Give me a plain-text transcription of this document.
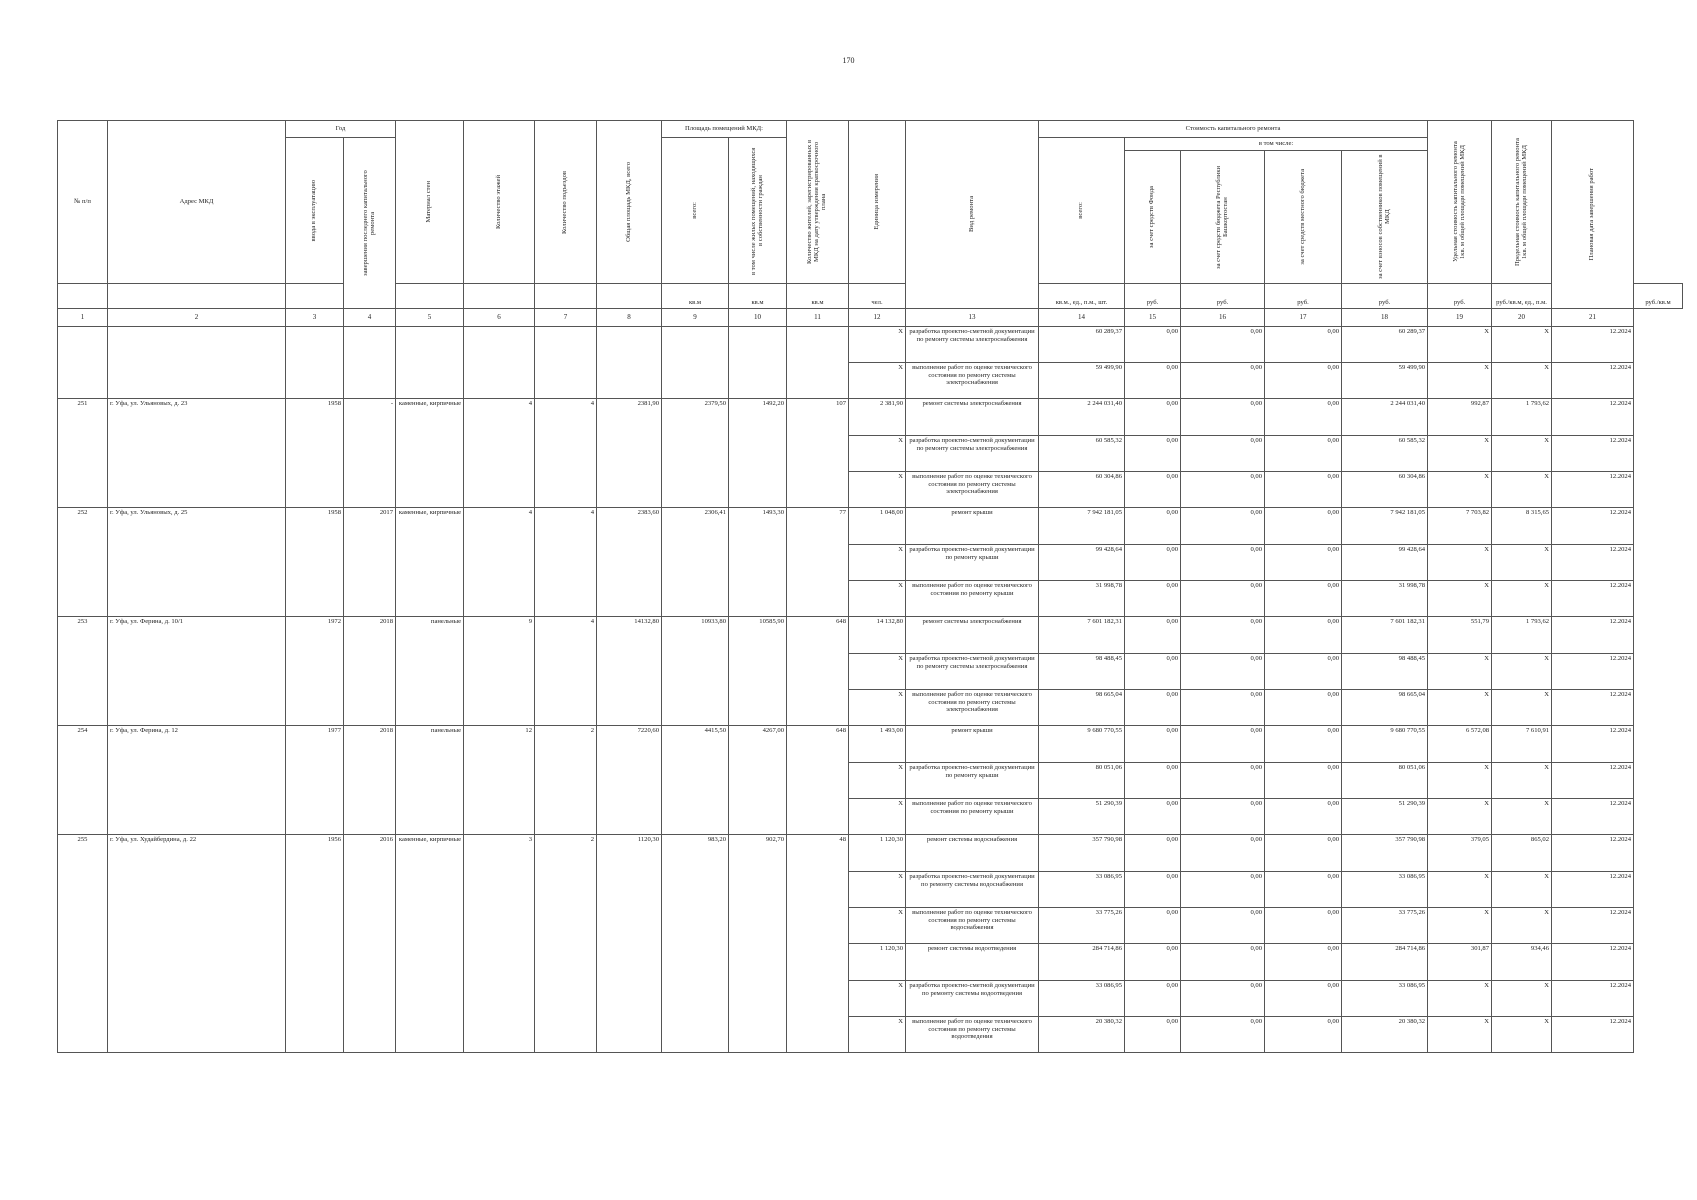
170
№ п/п	Адрес МКД	Год		Материал стен	Количество этажей	Количество подъездов	Общая площадь МКД, всего	Площадь помещений МКД:		Количество жителей, зарегистрированных в МКД на дату утверждения краткосрочного плана	Единица измерения	Вид ремонта	Стоимость капитального ремонта					Удельная стоимость капитального ремонта 1кв. м общей площади помещений МКД	Предельная стоимость капитального ремонта 1кв. м общей площади помещений МКД	Плановая дата завершения работ	

		ввода в эксплуатацию	завершения последнего капитального ремонта					всего:	в том числе жилых помещений, находящихся в собственности граждан				всего:	в том числе:							

														за счет средств Фонда	за счет средств бюджета Республики Башкортостан	за счет средств местного бюджета	за счет взносов собственников помещений в МКД				

								кв.м	кв.м	кв.м	чел.		кв.м., ед., п.м., шт.	руб.	руб.	руб.	руб.	руб.	руб./кв.м, ед., п.м.		руб./кв.м
1	2	3	4	5	6	7	8	9	10	11	12	13	14	15	16	17	18	19	20	21	
											X	разработка проектно-сметной документации по ремонту системы электроснабжения	60 289,37	0,00	0,00	0,00	60 289,37	X	X	12.2024	
											X	выполнение работ по оценке технического состояния по ремонту системы электроснабжения	59 499,90	0,00	0,00	0,00	59 499,90	X	X	12.2024	
251	г. Уфа, ул. Ульяновых, д. 23	1958	-	каменные, кирпичные	4	4	2381,90	2379,50	1492,20	107	2 381,90	ремонт системы электроснабжения	2 244 031,40	0,00	0,00	0,00	2 244 031,40	992,87	1 793,62	12.2024	
											X	разработка проектно-сметной документации по ремонту системы электроснабжения	60 585,32	0,00	0,00	0,00	60 585,32	X	X	12.2024	
											X	выполнение работ по оценке технического состояния по ремонту системы электроснабжения	60 304,86	0,00	0,00	0,00	60 304,86	X	X	12.2024	
252	г. Уфа, ул. Ульяновых, д. 25	1958	2017	каменные, кирпичные	4	4	2383,60	2306,41	1493,30	77	1 048,00	ремонт крыши	7 942 181,05	0,00	0,00	0,00	7 942 181,05	7 703,82	8 315,65	12.2024	
											X	разработка проектно-сметной документации по ремонту крыши	99 428,64	0,00	0,00	0,00	99 428,64	X	X	12.2024	
											X	выполнение работ по оценке технического состояния по ремонту крыши	31 998,78	0,00	0,00	0,00	31 998,78	X	X	12.2024	
253	г. Уфа, ул. Ферина, д. 10/1	1972	2018	панельные	9	4	14132,80	10933,80	10585,90	648	14 132,80	ремонт системы электроснабжения	7 601 182,31	0,00	0,00	0,00	7 601 182,31	551,79	1 793,62	12.2024	
											X	разработка проектно-сметной документации по ремонту системы электроснабжения	98 488,45	0,00	0,00	0,00	98 488,45	X	X	12.2024	
											X	выполнение работ по оценке технического состояния по ремонту системы электроснабжения	98 665,04	0,00	0,00	0,00	98 665,04	X	X	12.2024	
254	г. Уфа, ул. Ферина, д. 12	1977	2018	панельные	12	2	7220,60	4415,50	4267,00	648	1 493,00	ремонт крыши	9 680 770,55	0,00	0,00	0,00	9 680 770,55	6 572,08	7 610,91	12.2024	
											X	разработка проектно-сметной документации по ремонту крыши	80 051,06	0,00	0,00	0,00	80 051,06	X	X	12.2024	
											X	выполнение работ по оценке технического состояния по ремонту крыши	51 290,39	0,00	0,00	0,00	51 290,39	X	X	12.2024	
255	г. Уфа, ул. Худайбердина, д. 22	1956	2016	каменные, кирпичные	3	2	1120,30	983,20	902,70	48	1 120,30	ремонт системы водоснабжения	357 790,98	0,00	0,00	0,00	357 790,98	379,05	865,02	12.2024	
											X	разработка проектно-сметной документации по ремонту системы водоснабжения	33 086,95	0,00	0,00	0,00	33 086,95	X	X	12.2024	
											X	выполнение работ по оценке технического состояния по ремонту системы водоснабжения	33 775,26	0,00	0,00	0,00	33 775,26	X	X	12.2024	
											1 120,30	ремонт системы водоотведения	284 714,86	0,00	0,00	0,00	284 714,86	301,87	934,46	12.2024	
											X	разработка проектно-сметной документации по ремонту системы водоотведения	33 086,95	0,00	0,00	0,00	33 086,95	X	X	12.2024	
											X	выполнение работ по оценке технического состояния по ремонту системы водоотведения	20 380,32	0,00	0,00	0,00	20 380,32	X	X	12.2024	
